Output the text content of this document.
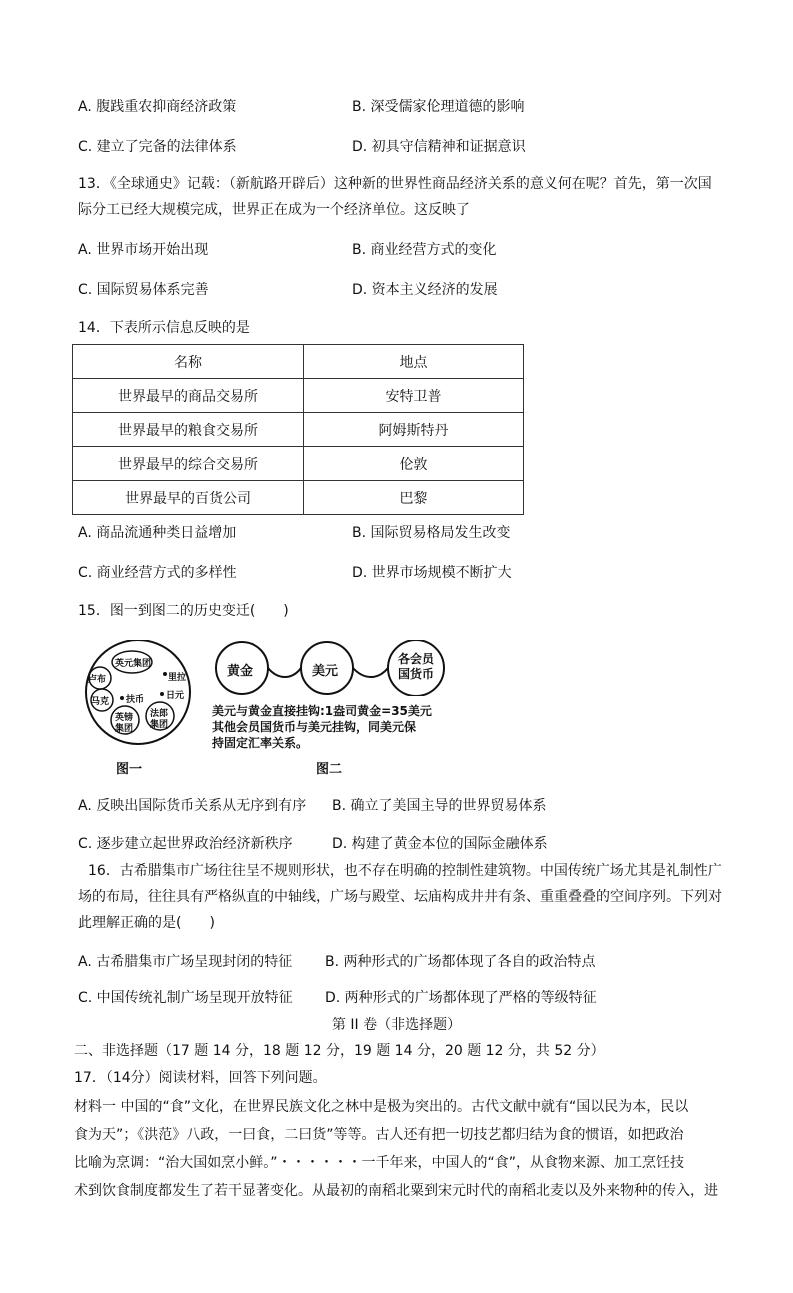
A. 腹践重农抑商经济政策	B. 深受儒家伦理道德的影响
C. 建立了完备的法律体系	D. 初具守信精神和证据意识
13．《全球通史》记载：（新航路开辟后）这种新的世界性商品经济关系的意义何在呢？首先，第一次国
际分工已经大规模完成，世界正在成为一个经济单位。这反映了
A. 世界市场开始出现	B. 商业经营方式的变化
C. 国际贸易体系完善	D. 资本主义经济的发展
14．下表所示信息反映的是
名称	地点
世界最早的商品交易所	安特卫普
世界最早的粮食交易所	阿姆斯特丹
世界最早的综合交易所	伦敦
世界最早的百货公司	巴黎
A. 商品流通种类日益增加	B. 国际贸易格局发生改变
C. 商业经营方式的多样性	D. 世界市场规模不断扩大
15．图一到图二的历史变迁(　　)
卢布
英元集团
里拉
马克 扶币 日元
英镑集团
法郎集团
图一
黄金	美元
各会员国货币
美元与黄金直接挂钩:1盎司黄金=35美元
其他会员国货币与美元挂钩，同美元保
持固定汇率关系。
图二
A. 反映出国际货币关系从无序到有序 B. 确立了美国主导的世界贸易体系
C. 逐步建立起世界政治经济新秩序	D. 构建了黄金本位的国际金融体系
16．古希腊集市广场往往呈不规则形状，也不存在明确的控制性建筑物。中国传统广场尤其是礼制性广
场的布局，往往具有严格纵直的中轴线，广场与殿堂、坛庙构成井井有条、重重叠叠的空间序列。下列对
此理解正确的是(　　)
A. 古希腊集市广场呈现封闭的特征 B. 两种形式的广场都体现了各自的政治特点
C. 中国传统礼制广场呈现开放特征 D. 两种形式的广场都体现了严格的等级特征
第 II 卷（非选择题）
二、非选择题（17 题 14 分，18 题 12 分，19 题 14 分，20 题 12 分，共 52 分）
17．（14分）阅读材料，回答下列问题。
材料一 中国的“食”文化，在世界民族文化之林中是极为突出的。古代文献中就有“国以民为本，民以
食为天”；《洪范》八政，一曰食，二曰货”等等。古人还有把一切技艺都归结为食的惯语，如把政治
比喻为烹调：“治大国如烹小鲜。”・・・・・・一千年来，中国人的“食”，从食物来源、加工烹饪技
术到饮食制度都发生了若干显著变化。从最初的南稻北粟到宋元时代的南稻北麦以及外来物种的传入，进
